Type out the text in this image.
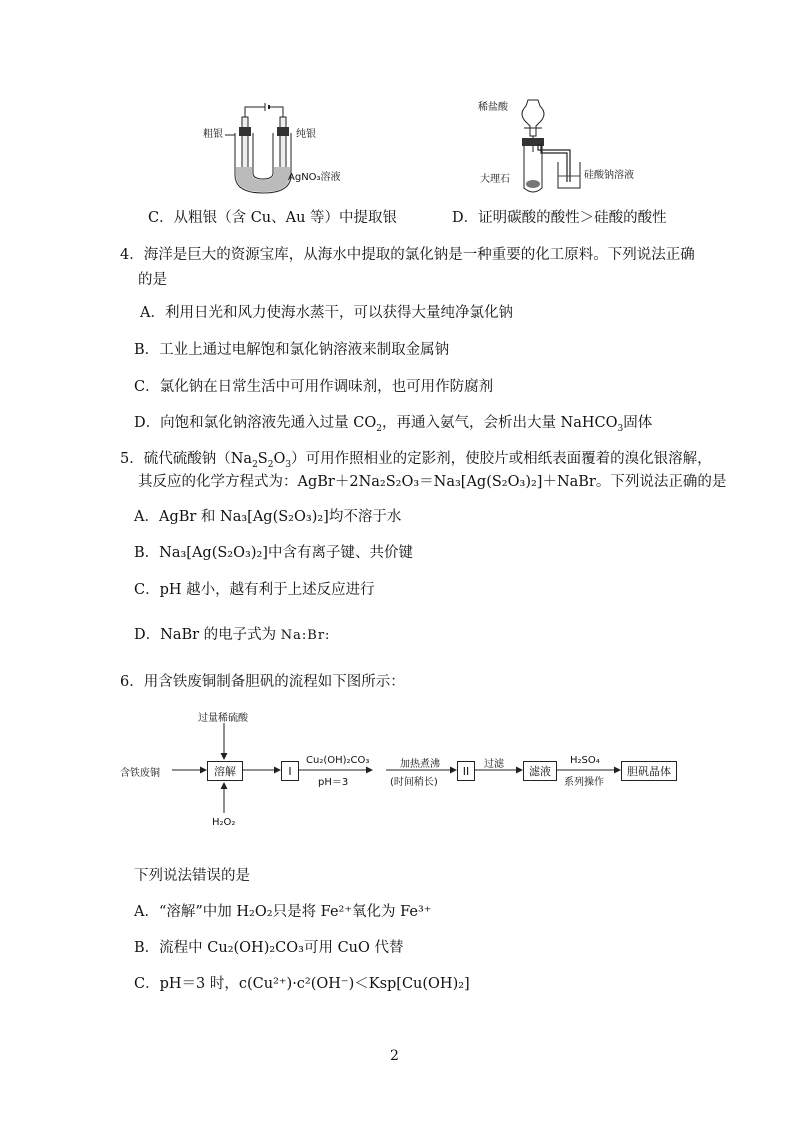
粗银	纯银
AgNO₃溶液
稀盐酸
大理石	硅酸钠溶液
C．从粗银（含 Cu、Au 等）中提取银	D．证明碳酸的酸性＞硅酸的酸性
4．海洋是巨大的资源宝库，从海水中提取的氯化钠是一种重要的化工原料。下列说法正确
的是
A．利用日光和风力使海水蒸干，可以获得大量纯净氯化钠
B．工业上通过电解饱和氯化钠溶液来制取金属钠
C．氯化钠在日常生活中可用作调味剂，也可用作防腐剂
D．向饱和氯化钠溶液先通入过量 $CO_2$，再通入氨气，会析出大量 NaHCO$_3$固体
5．硫代硫酸钠$(Na_2S_2O_3)$可用作照相业的定影剂，使胶片或相纸表面覆着的溴化银溶解，
其反应的化学方程式为：AgBr＋2Na₂S₂O₃＝Na₃[Ag(S₂O₃)₂]＋NaBr。下列说法正确的是
A．AgBr 和 Na₃[Ag(S₂O₃)₂]均不溶于水
B．Na₃[Ag(S₂O₃)₂]中含有离子键、共价键
C．pH 越小，越有利于上述反应进行
D．NaBr 的电子式为 Na:Br:
6．用含铁废铜制备胆矾的流程如下图所示：
含铁废铜
过量稀硫酸
H₂O₂
溶解	I
Cu₂(OH)₂CO₃
pH＝3
加热煮沸
(时间稍长)
II	过滤
滤液
H₂SO₄
系列操作
胆矾晶体
下列说法错误的是
A．“溶解”中加 H₂O₂只是将 Fe²⁺氧化为 Fe³⁺
B．流程中 Cu₂(OH)₂CO₃可用 CuO 代替
C．pH＝3 时，c(Cu²⁺)·c²(OH⁻)＜Ksp[Cu(OH)₂]
2
